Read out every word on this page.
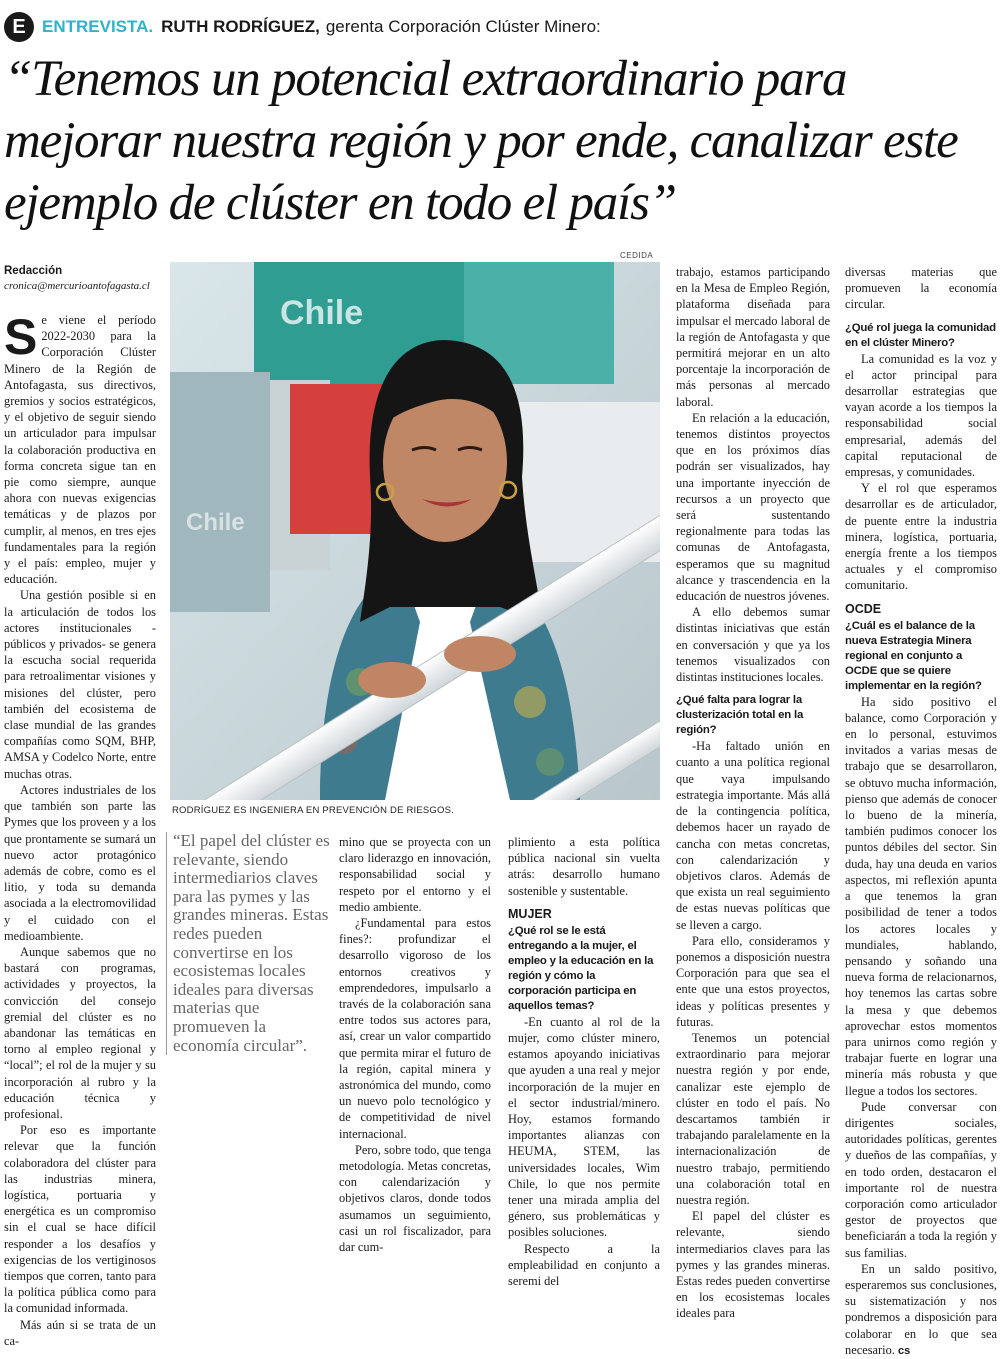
E ENTREVISTA. RUTH RODRÍGUEZ, gerenta Corporación Clúster Minero:
“Tenemos un potencial extraordinario para mejorar nuestra región y por ende, canalizar este ejemplo de clúster en todo el país”
Redacción
cronica@mercurioantofagasta.cl

Se viene el período 2022-2030 para la Corporación Clúster Minero de la Región de Antofagasta, sus directivos, gremios y socios estratégicos, y el objetivo de seguir siendo un articulador para impulsar la colaboración productiva en forma concreta sigue tan en pie como siempre, aunque ahora con nuevas exigencias temáticas y de plazos por cumplir, al menos, en tres ejes fundamentales para la región y el país: empleo, mujer y educación.

Una gestión posible si en la articulación de todos los actores institucionales -públicos y privados- se genera la escucha social requerida para retroalimentar visiones y misiones del clúster, pero también del ecosistema de clase mundial de las grandes compañías como SQM, BHP, AMSA y Codelco Norte, entre muchas otras.

Actores industriales de los que también son parte las Pymes que los proveen y a los que prontamente se sumará un nuevo actor protagónico además de cobre, como es el litio, y toda su demanda asociada a la electromovilidad y el cuidado con el medioambiente.

Aunque sabemos que no bastará con programas, actividades y proyectos, la convicción del consejo gremial del clúster es no abandonar las temáticas en torno al empleo regional y “local”; el rol de la mujer y su incorporación al rubro y la educación técnica y profesional.

Por eso es importante relevar que la función colaboradora del clúster para las industrias minera, logística, portuaria y energética es un compromiso sin el cual se hace difícil responder a los desafíos y exigencias de los vertiginosos tiempos que corren, tanto para la política pública como para la comunidad informada.

Más aún si se trata de un ca-

CEDIDA
Chile
Chile
RODRÍGUEZ ES INGENIERA EN PREVENCIÓN DE RIESGOS.
“El papel del clúster es relevante, siendo intermediarios claves para las pymes y las grandes mineras. Estas redes pueden convertirse en los ecosistemas locales ideales para diversas materias que promueven la economía circular”.

mino que se proyecta con un claro liderazgo en innovación, responsabilidad social y respeto por el entorno y el medio ambiente.

¿Fundamental para estos fines?: profundizar el desarrollo vigoroso de los entornos creativos y emprendedores, impulsarlo a través de la colaboración sana entre todos sus actores para, así, crear un valor compartido que permita mirar el futuro de la región, capital minera y astronómica del mundo, como un nuevo polo tecnológico y de competitividad de nivel internacional.

Pero, sobre todo, que tenga metodología. Metas concretas, con calendarización y objetivos claros, donde todos asumamos un seguimiento, casi un rol fiscalizador, para dar cum-

plimiento a esta política pública nacional sin vuelta atrás: desarrollo humano sostenible y sustentable.

MUJER

¿Qué rol se le está entregando a la mujer, el empleo y la educación en la región y cómo la corporación participa en aquellos temas?

-En cuanto al rol de la mujer, como clúster minero, estamos apoyando iniciativas que ayuden a una real y mejor incorporación de la mujer en el sector industrial/minero. Hoy, estamos formando importantes alianzas con HEUMA, STEM, las universidades locales, Wim Chile, lo que nos permite tener una mirada amplia del género, sus problemáticas y posibles soluciones.

Respecto a la empleabilidad en conjunto a seremi del

trabajo, estamos participando en la Mesa de Empleo Región, plataforma diseñada para impulsar el mercado laboral de la región de Antofagasta y que permitirá mejorar en un alto porcentaje la incorporación de más personas al mercado laboral.

En relación a la educación, tenemos distintos proyectos que en los próximos días podrán ser visualizados, hay una importante inyección de recursos a un proyecto que será sustentando regionalmente para todas las comunas de Antofagasta, esperamos que su magnitud alcance y trascendencia en la educación de nuestros jóvenes.

A ello debemos sumar distintas iniciativas que están en conversación y que ya los tenemos visualizados con distintas instituciones locales.

¿Qué falta para lograr la clusterización total en la región?

-Ha faltado unión en cuanto a una política regional que vaya impulsando estrategia importante. Más allá de la contingencia política, debemos hacer un rayado de cancha con metas concretas, con calendarización y objetivos claros. Además de que exista un real seguimiento de estas nuevas políticas que se lleven a cargo.

Para ello, consideramos y ponemos a disposición nuestra Corporación para que sea el ente que una estos proyectos, ideas y políticas presentes y futuras.

Tenemos un potencial extraordinario para mejorar nuestra región y por ende, canalizar este ejemplo de clúster en todo el país. No descartamos también ir trabajando paralelamente en la internacionalización de nuestro trabajo, permitiendo una colaboración total en nuestra región.

El papel del clúster es relevante, siendo intermediarios claves para las pymes y las grandes mineras. Estas redes pueden convertirse en los ecosistemas locales ideales para

diversas materias que promueven la economía circular.

¿Qué rol juega la comunidad en el clúster Minero?

La comunidad es la voz y el actor principal para desarrollar estrategias que vayan acorde a los tiempos la responsabilidad social empresarial, además del capital reputacional de empresas, y comunidades.

Y el rol que esperamos desarrollar es de articulador, de puente entre la industria minera, logística, portuaria, energía frente a los tiempos actuales y el compromiso comunitario.

OCDE

¿Cuál es el balance de la nueva Estrategia Minera regional en conjunto a OCDE que se quiere implementar en la región?

Ha sido positivo el balance, como Corporación y en lo personal, estuvimos invitados a varias mesas de trabajo que se desarrollaron, se obtuvo mucha información, pienso que además de conocer lo bueno de la minería, también pudimos conocer los puntos débiles del sector. Sin duda, hay una deuda en varios aspectos, mi reflexión apunta a que tenemos la gran posibilidad de tener a todos los actores locales y mundiales, hablando, pensando y soñando una nueva forma de relacionarnos, hoy tenemos las cartas sobre la mesa y que debemos aprovechar estos momentos para unirnos como región y trabajar fuerte en lograr una minería más robusta y que llegue a todos los sectores.

Pude conversar con dirigentes sociales, autoridades políticas, gerentes y dueños de las compañías, y en todo orden, destacaron el importante rol de nuestra corporación como articulador gestor de proyectos que beneficiarán a toda la región y sus familias.

En un saldo positivo, esperaremos sus conclusiones, su sistematización y nos pondremos a disposición para colaborar en lo que sea necesario. cs
